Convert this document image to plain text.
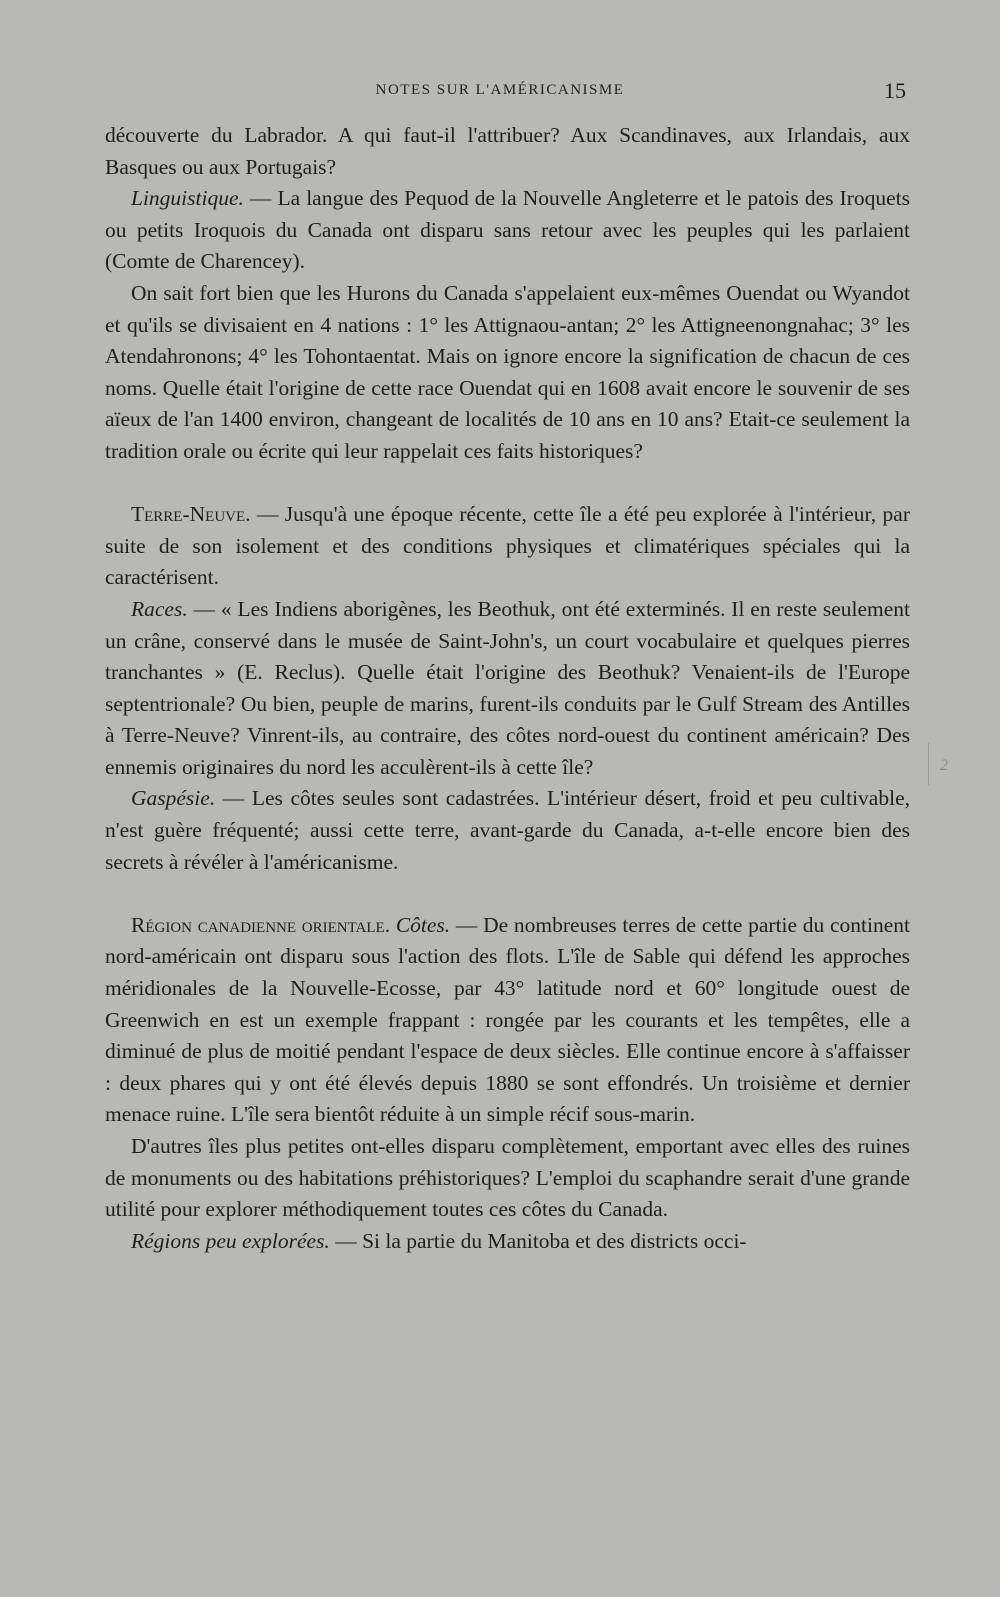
NOTES SUR L'AMÉRICANISME	15

découverte du Labrador. A qui faut-il l'attribuer? Aux Scandinaves, aux Irlandais, aux Basques ou aux Portugais?

Linguistique. — La langue des Pequod de la Nouvelle Angleterre et le patois des Iroquets ou petits Iroquois du Canada ont disparu sans retour avec les peuples qui les parlaient (Comte de Charencey).

On sait fort bien que les Hurons du Canada s'appelaient eux-mêmes Ouendat ou Wyandot et qu'ils se divisaient en 4 nations : 1° les Attignaou-antan; 2° les Attigneenongnahac; 3° les Atendahronons; 4° les Tohontaentat. Mais on ignore encore la signification de chacun de ces noms. Quelle était l'origine de cette race Ouendat qui en 1608 avait encore le souvenir de ses aïeux de l'an 1400 environ, changeant de localités de 10 ans en 10 ans? Etait-ce seulement la tradition orale ou écrite qui leur rappelait ces faits historiques?

Terre-Neuve. — Jusqu'à une époque récente, cette île a été peu explorée à l'intérieur, par suite de son isolement et des conditions physiques et climatériques spéciales qui la caractérisent.

Races. — « Les Indiens aborigènes, les Beothuk, ont été exterminés. Il en reste seulement un crâne, conservé dans le musée de Saint-John's, un court vocabulaire et quelques pierres tranchantes » (E. Reclus). Quelle était l'origine des Beothuk? Venaient-ils de l'Europe septentrionale? Ou bien, peuple de marins, furent-ils conduits par le Gulf Stream des Antilles à Terre-Neuve? Vinrent-ils, au contraire, des côtes nord-ouest du continent américain? Des ennemis originaires du nord les acculèrent-ils à cette île?

Gaspésie. — Les côtes seules sont cadastrées. L'intérieur désert, froid et peu cultivable, n'est guère fréquenté; aussi cette terre, avant-garde du Canada, a-t-elle encore bien des secrets à révéler à l'américanisme.

Région canadienne orientale. Côtes. — De nombreuses terres de cette partie du continent nord-américain ont disparu sous l'action des flots. L'île de Sable qui défend les approches méridionales de la Nouvelle-Ecosse, par 43° latitude nord et 60° longitude ouest de Greenwich en est un exemple frappant : rongée par les courants et les tempêtes, elle a diminué de plus de moitié pendant l'espace de deux siècles. Elle continue encore à s'affaisser : deux phares qui y ont été élevés depuis 1880 se sont effondrés. Un troisième et dernier menace ruine. L'île sera bientôt réduite à un simple récif sous-marin.

D'autres îles plus petites ont-elles disparu complètement, emportant avec elles des ruines de monuments ou des habitations préhistoriques? L'emploi du scaphandre serait d'une grande utilité pour explorer méthodiquement toutes ces côtes du Canada.

Régions peu explorées. — Si la partie du Manitoba et des districts occi-

2
